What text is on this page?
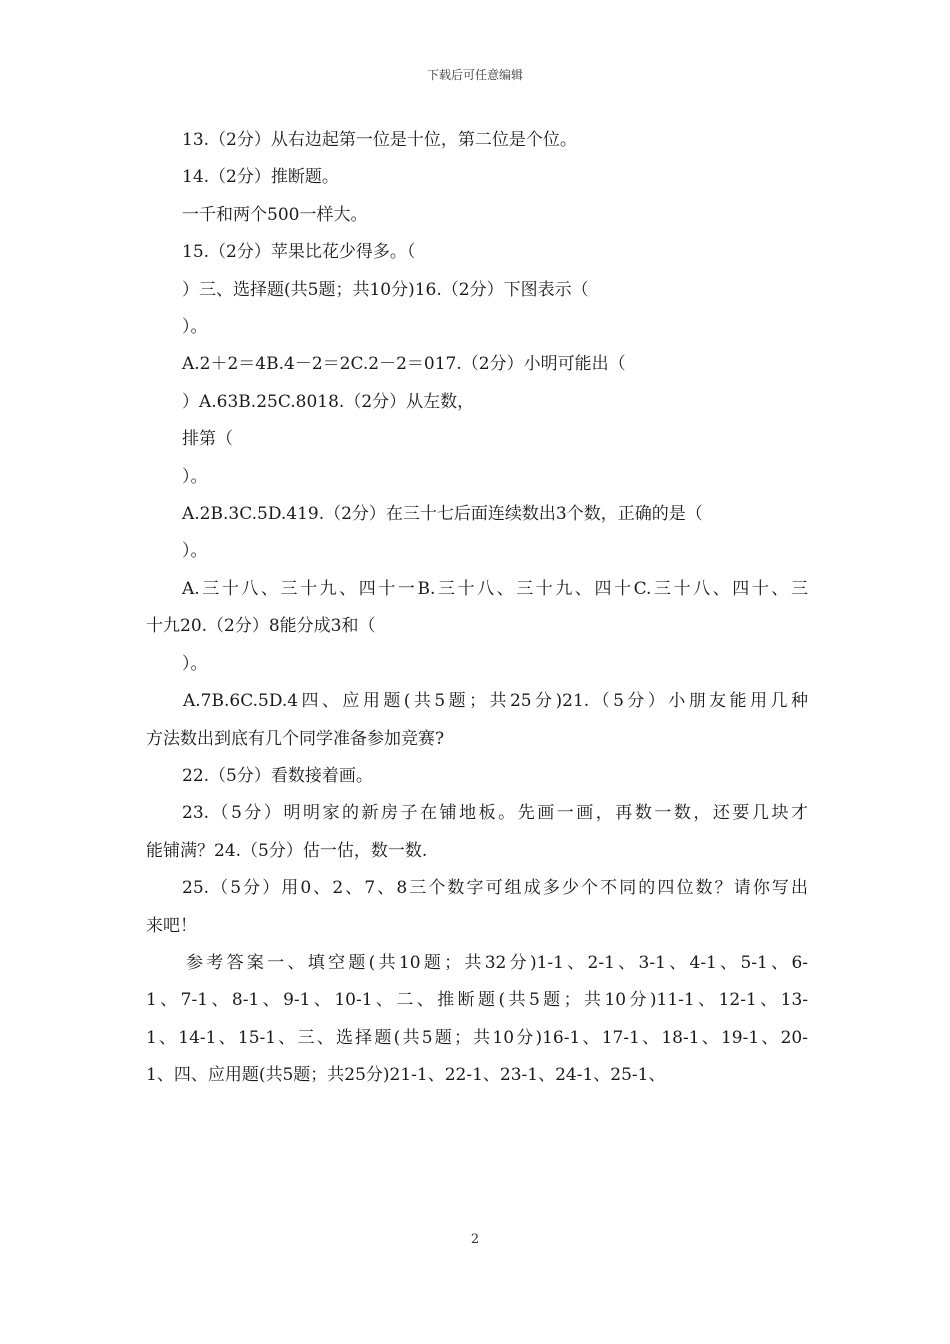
下载后可任意编辑
13.（2分）从右边起第一位是十位，第二位是个位。
14.（2分）推断题。
一千和两个500一样大。
15.（2分）苹果比花少得多。（
）三、选择题(共5题；共10分)16.（2分）下图表示（
）。
A.2＋2＝4B.4－2＝2C.2－2＝017.（2分）小明可能出（
）A.63B.25C.8018.（2分）从左数，
排第（
）。
A.2B.3C.5D.419.（2分）在三十七后面连续数出3个数，正确的是（
）。
A.三十八、三十九、四十一B.三十八、三十九、四十C.三十八、四十、三
十九20.（2分）8能分成3和（
）。
A.7B.6C.5D.4四、应用题(共5题；共25分)21.（5分）小朋友能用几种
方法数出到底有几个同学准备参加竞赛?
22.（5分）看数接着画。
23.（5分）明明家的新房子在铺地板。先画一画，再数一数，还要几块才
能铺满？24.（5分）估一估，数一数.
25.（5分）用0、2、7、8三个数字可组成多少个不同的四位数？请你写出
来吧！
参考答案一、填空题(共10题；共32分)1-1、2-1、3-1、4-1、5-1、6-
1、7-1、8-1、9-1、10-1、二、推断题(共5题；共10分)11-1、12-1、13-
1、14-1、15-1、三、选择题(共5题；共10分)16-1、17-1、18-1、19-1、20-
1、四、应用题(共5题；共25分)21-1、22-1、23-1、24-1、25-1、
2
